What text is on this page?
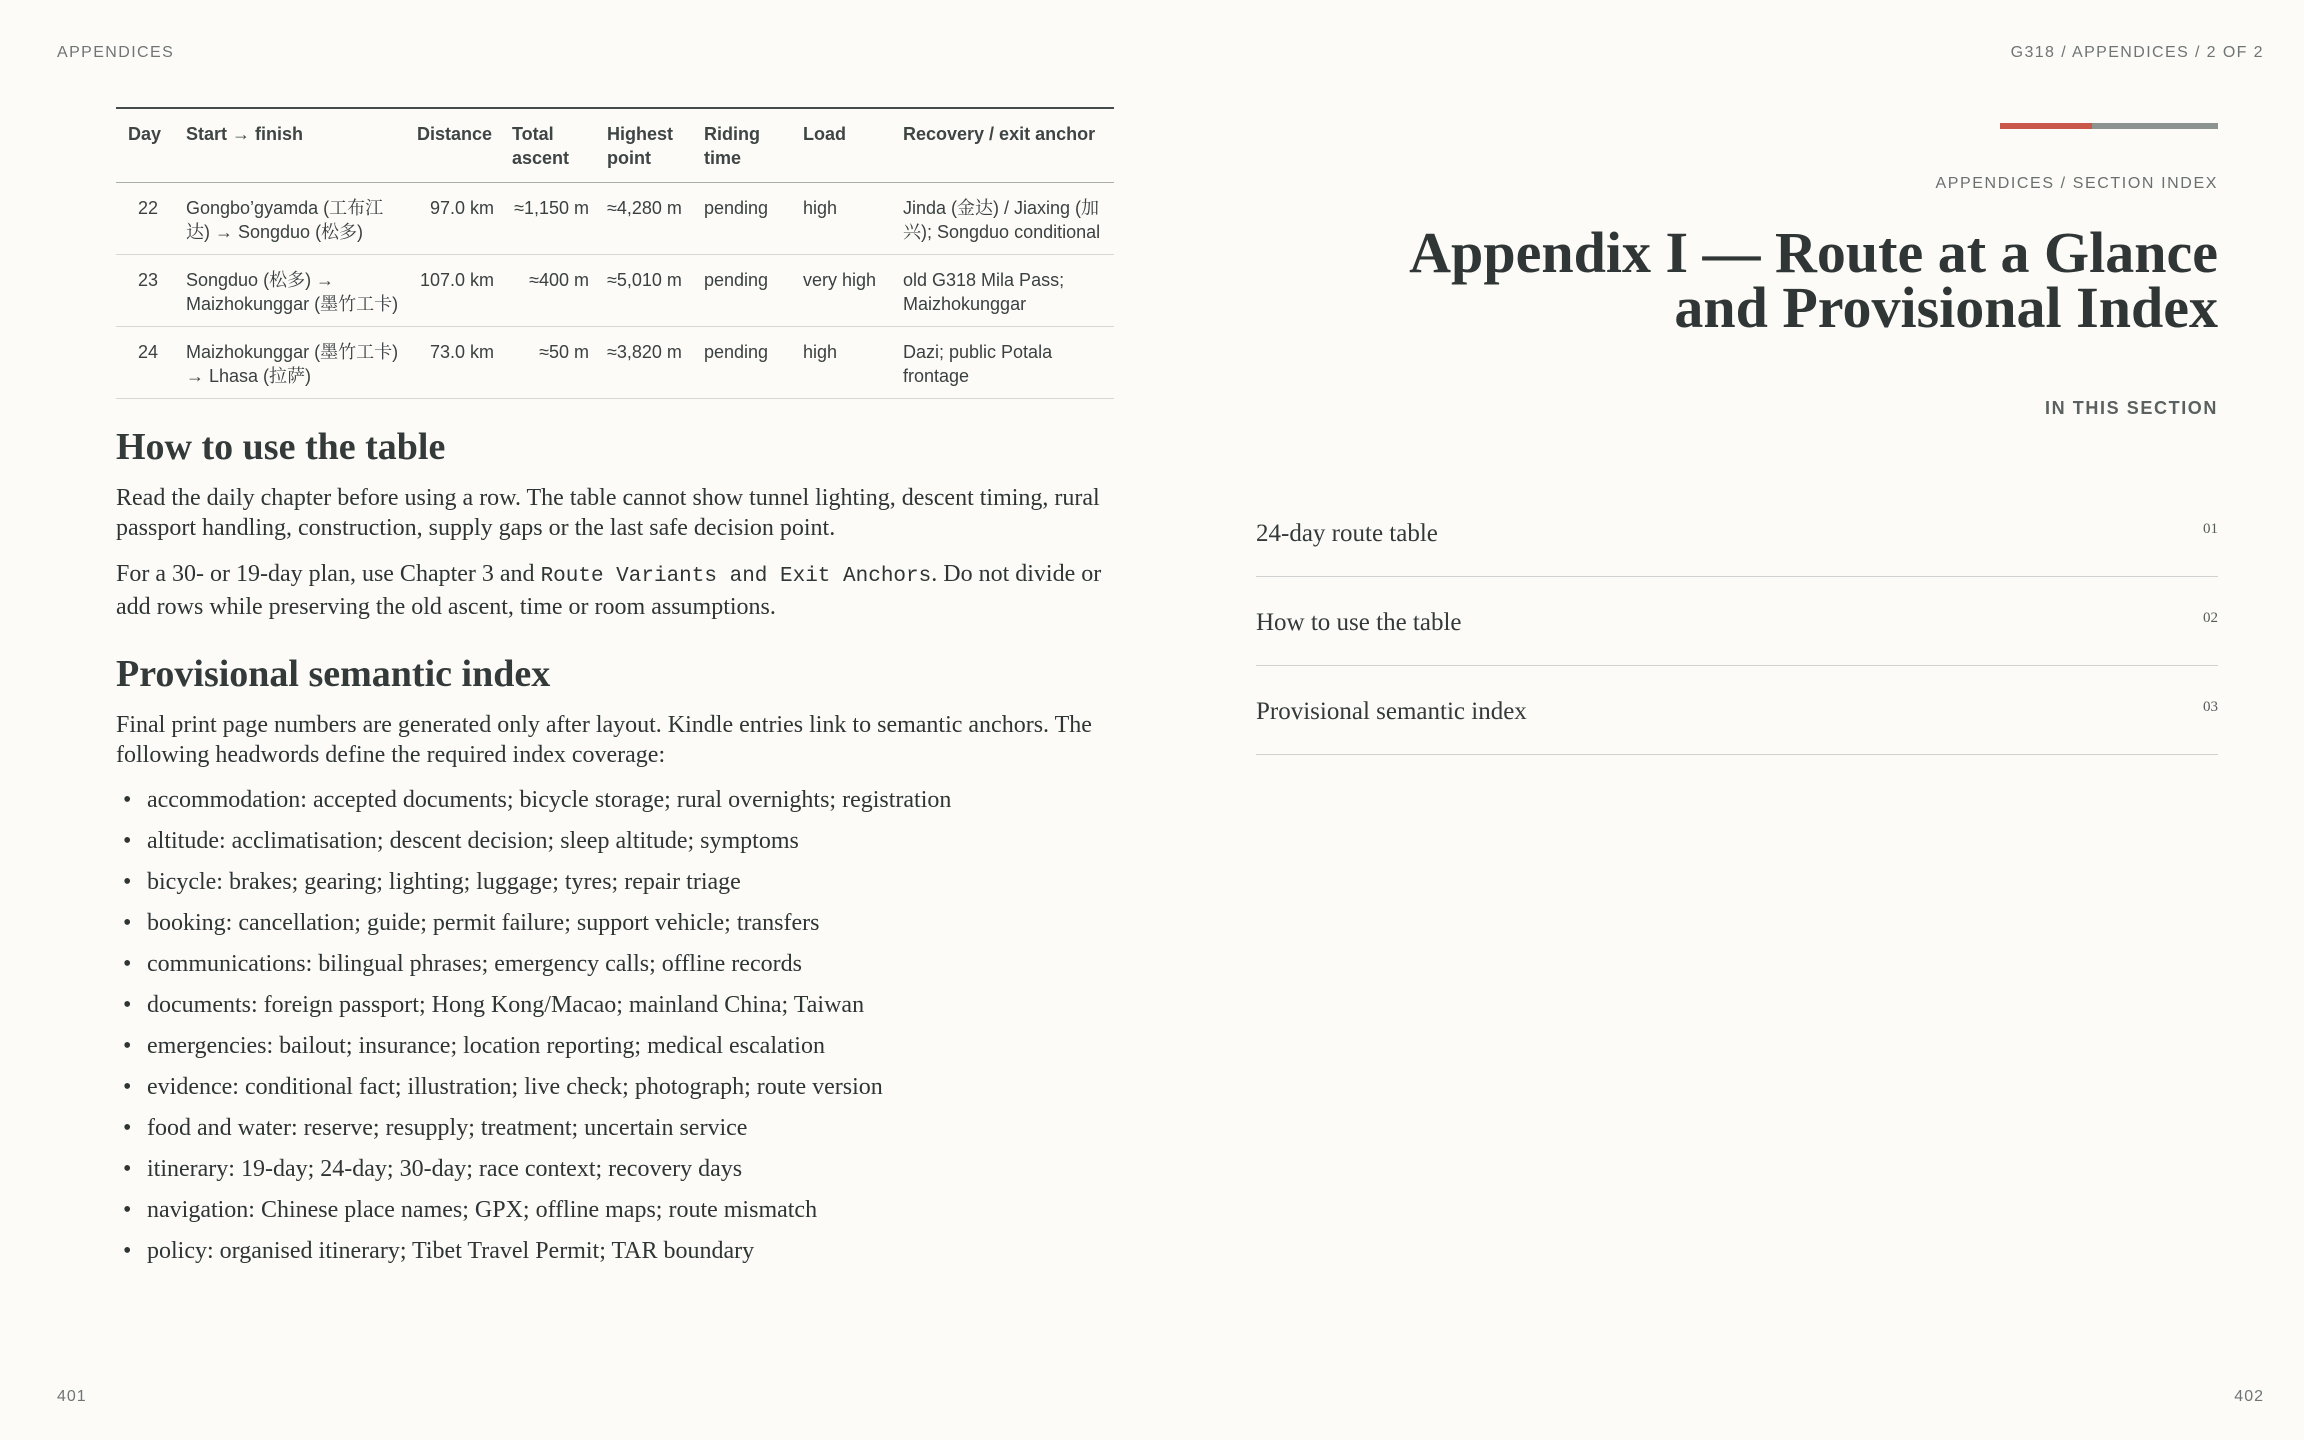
APPENDICES	G318 / APPENDICES / 2 OF 2
Day	Start → finish	Distance	Total ascent	Highest point	Riding time	Load	Recovery / exit anchor
22	Gongbo’gyamda (工布江达) → Songduo (松多)	97.0 km	≈1,150 m	≈4,280 m	pending	high	Jinda (金达) / Jiaxing (加兴); Songduo conditional
23	Songduo (松多) → Maizhokunggar (墨竹工卡)	107.0 km	≈400 m	≈5,010 m	pending	very high	old G318 Mila Pass; Maizhokunggar
24	Maizhokunggar (墨竹工卡) → Lhasa (拉萨)	73.0 km	≈50 m	≈3,820 m	pending	high	Dazi; public Potala frontage
How to use the table

Read the daily chapter before using a row. The table cannot show tunnel lighting, descent timing, rural passport handling, construction, supply gaps or the last safe decision point.

For a 30- or 19-day plan, use Chapter 3 and Route Variants and Exit Anchors. Do not divide or add rows while preserving the old ascent, time or room assumptions.

Provisional semantic index

Final print page numbers are generated only after layout. Kindle entries link to semantic anchors. The following headwords define the required index coverage:

• accommodation: accepted documents; bicycle storage; rural overnights; registration
• altitude: acclimatisation; descent decision; sleep altitude; symptoms
• bicycle: brakes; gearing; lighting; luggage; tyres; repair triage
• booking: cancellation; guide; permit failure; support vehicle; transfers
• communications: bilingual phrases; emergency calls; offline records
• documents: foreign passport; Hong Kong/Macao; mainland China; Taiwan
• emergencies: bailout; insurance; location reporting; medical escalation
• evidence: conditional fact; illustration; live check; photograph; route version
• food and water: reserve; resupply; treatment; uncertain service
• itinerary: 19-day; 24-day; 30-day; race context; recovery days
• navigation: Chinese place names; GPX; offline maps; route mismatch
• policy: organised itinerary; Tibet Travel Permit; TAR boundary
APPENDICES / SECTION INDEX
Appendix I — Route at a Glance
and Provisional Index
IN THIS SECTION
24-day route table	01
How to use the table	02
Provisional semantic index	03
401	402
